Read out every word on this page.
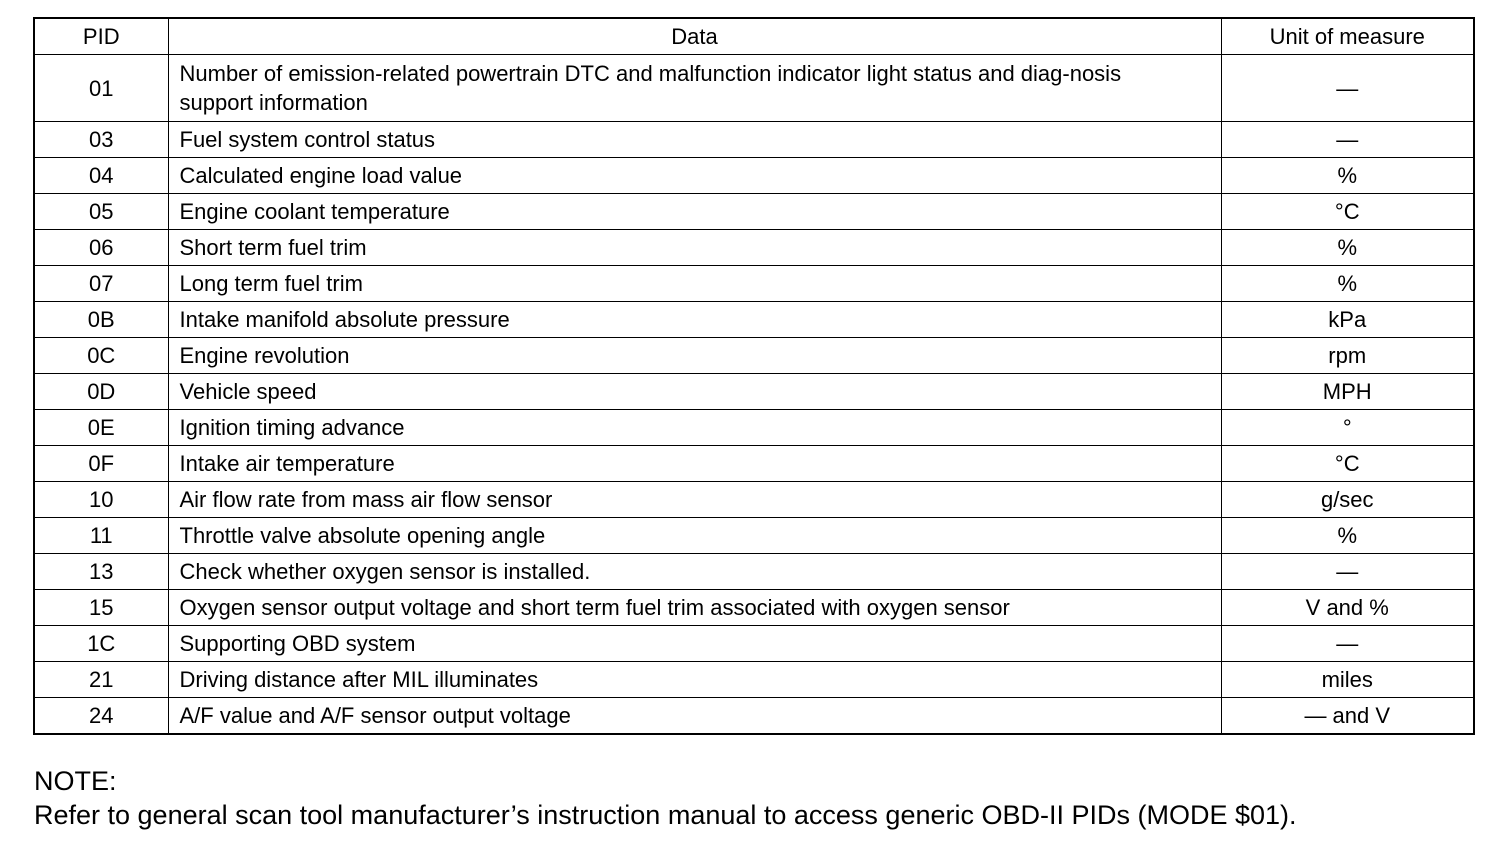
PID	Data	Unit of measure
01	Number of emission-related powertrain DTC and malfunction indicator light status and diag-nosis support information	—
03	Fuel system control status	—
04	Calculated engine load value	%
05	Engine coolant temperature	°C
06	Short term fuel trim	%
07	Long term fuel trim	%
0B	Intake manifold absolute pressure	kPa
0C	Engine revolution	rpm
0D	Vehicle speed	MPH
0E	Ignition timing advance	°
0F	Intake air temperature	°C
10	Air flow rate from mass air flow sensor	g/sec
11	Throttle valve absolute opening angle	%
13	Check whether oxygen sensor is installed.	—
15	Oxygen sensor output voltage and short term fuel trim associated with oxygen sensor	V and %
1C	Supporting OBD system	—
21	Driving distance after MIL illuminates	miles
24	A/F value and A/F sensor output voltage	— and V
NOTE:
Refer to general scan tool manufacturer’s instruction manual to access generic OBD-II PIDs (MODE $01).
